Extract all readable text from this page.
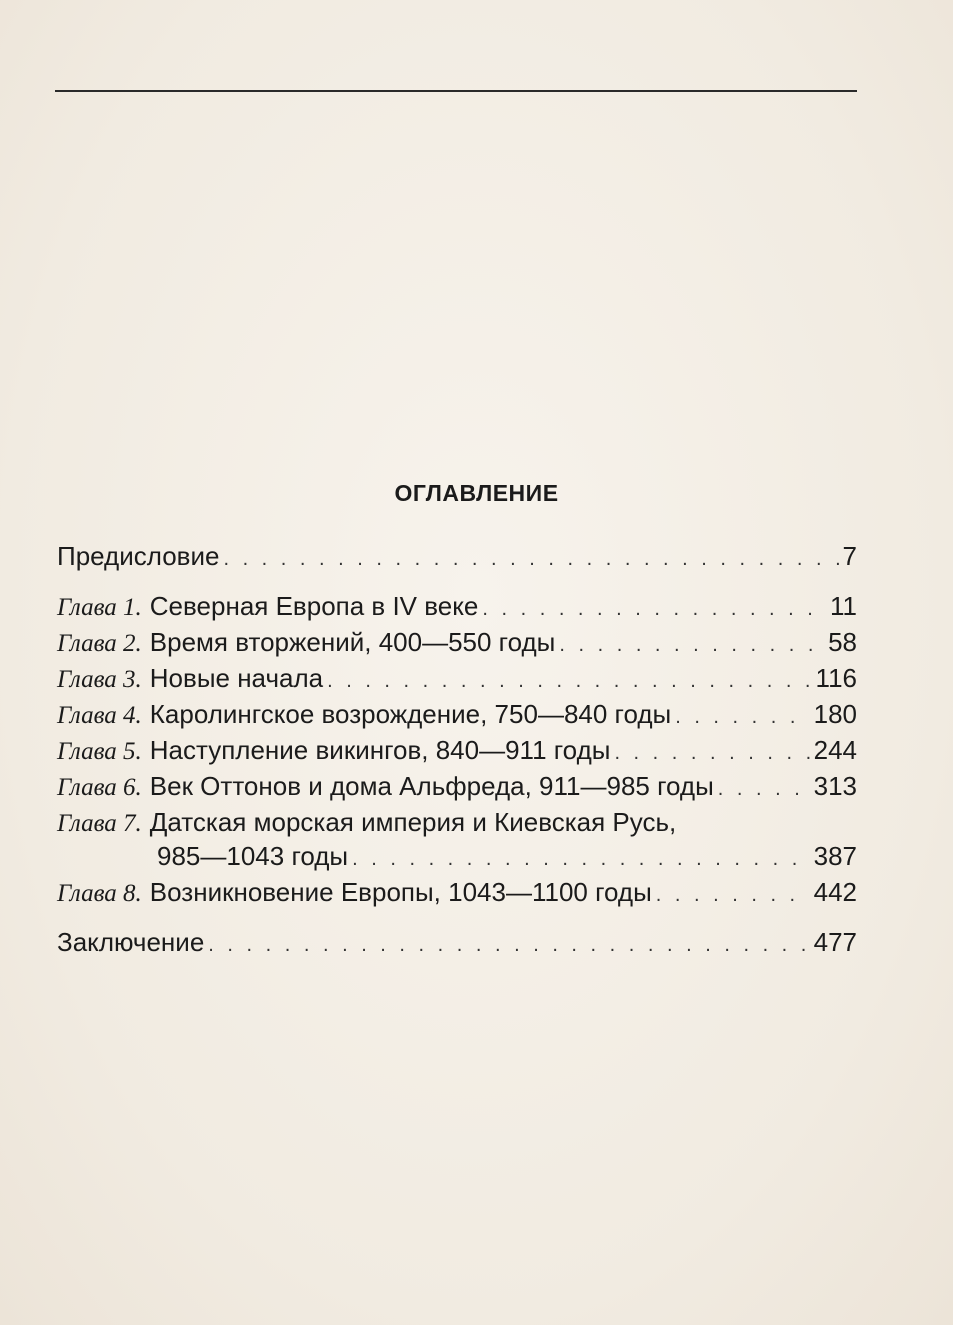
ОГЛАВЛЕНИЕ
Предисловие . . .	7
Глава 1. Северная Европа в IV веке . . .	11
Глава 2. Время вторжений, 400—550 годы . . .	58
Глава 3. Новые начала . . .	116
Глава 4. Каролингское возрождение, 750—840 годы . . .	180
Глава 5. Наступление викингов, 840—911 годы . . .	244
Глава 6. Век Оттонов и дома Альфреда, 911—985 годы . . .	313
Глава 7. Датская морская империя и Киевская Русь,
985—1043 годы . . .	387
Глава 8. Возникновение Европы, 1043—1100 годы . . .	442
Заключение . . .	477
